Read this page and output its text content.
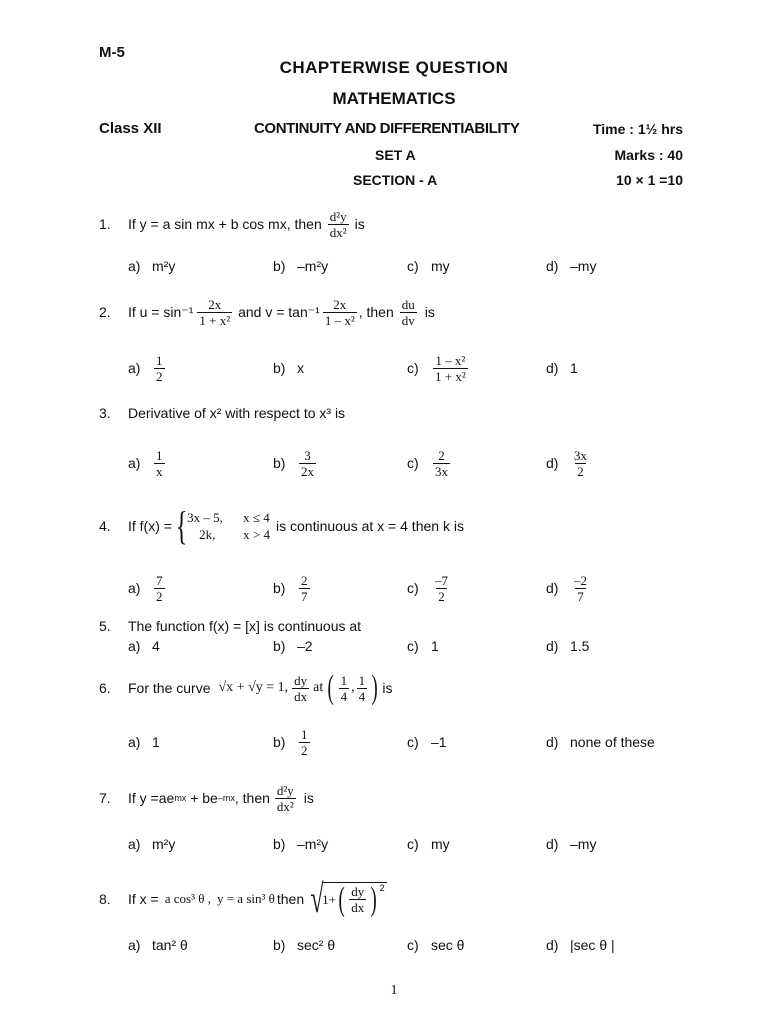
M-5
CHAPTERWISE QUESTION
MATHEMATICS
Class XII	CONTINUITY AND DIFFERENTIABILITY	Time : 1½ hrs
SET A	Marks : 40
SECTION - A	10 × 1 =10
1. If y = a sin mx + b cos mx, then $\frac{\text{d²y}}{\text{dx²}}$ is
a) m²y	b) –m²y	c) my	d) –my
2. If $u = \sin^{-1} \frac{2x}{\text{1 + x²}}$ and $v = \tan^{-1} \frac{2x}{\text{1 – x²}}$ , then $\frac{du}{dv}$ is
a)	$\frac{1}{2}$	b) x	c)	$\frac{\text{1 – x²}}{\text{1 + x²}}$	d) 1
3. Derivative of x² with respect to x³ is
a)	$\frac{1}{x}$	b)	$\frac{3}{2x}$	c)	$\frac{2}{3x}$	d)	$\frac{3x}{2}$
4. If f(x) = { 3x – 5, x ≤ 4
2k, x > 4
is continuous at x = 4 then k is
a)	$\frac{7}{2}$	b)	$\frac{2}{7}$	c)	$\frac{-7}{2}$	d)	$\frac{-2}{7}$
5. The function f(x) = [x] is continuous at
a) 4	b) –2	c) 1	d) 1.5
6. For the curve √x + √y = 1, $\frac{dy}{dx}$ at ( $\frac{1}{4}$ , $\frac{1}{4}$ ) is
a) 1	b)	$\frac{1}{2}$	c) –1	d) none of these
7. If y =ae mx + be –mx , then $\frac{\text{d²y}}{\text{dx²}}$ is
a) m²y	b) –m²y	c) my	d) –my
8. If x = a cos³ θ , y = a sin³ θ then √
1+ ( $\frac{dy}{dx}$ ) $^2$
a) tan² θ	b) sec² θ	c) sec θ	d) |sec θ |
1
